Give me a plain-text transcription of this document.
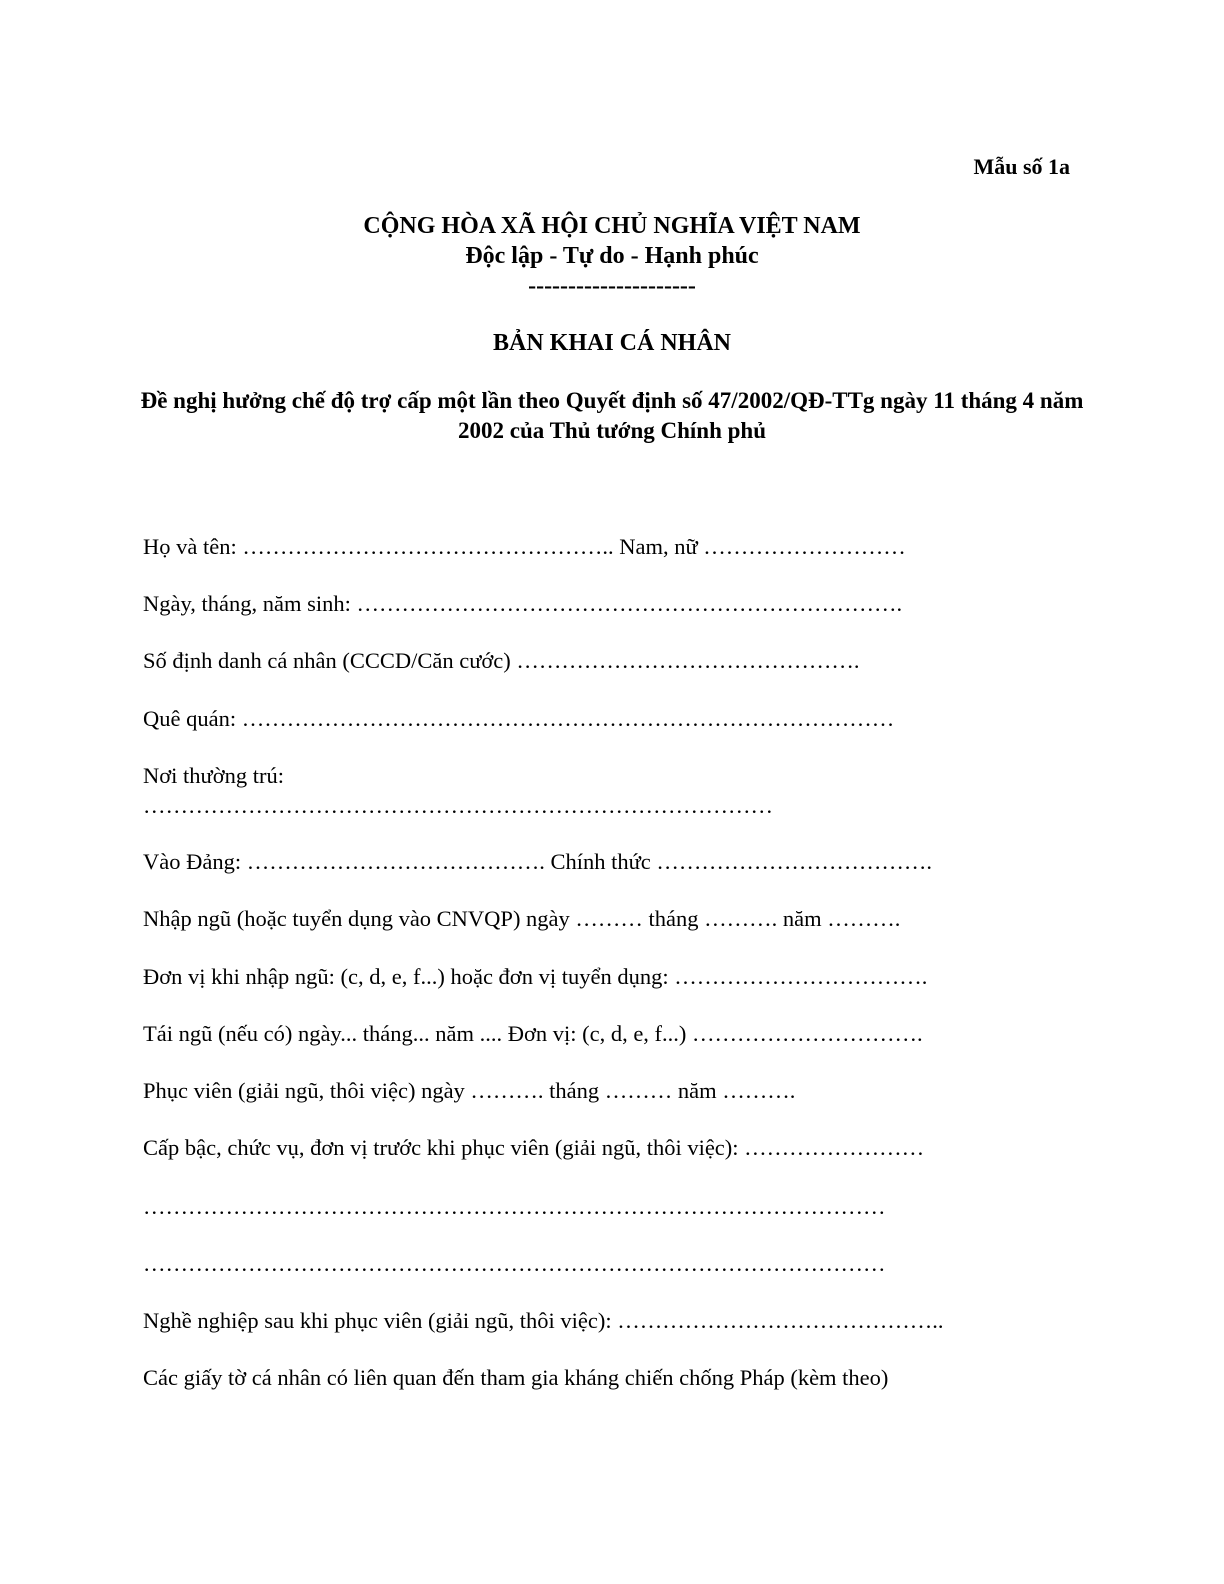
Mẫu số 1a
CỘNG HÒA XÃ HỘI CHỦ NGHĨA VIỆT NAM
Độc lập - Tự do - Hạnh phúc
---------------------
BẢN KHAI CÁ NHÂN
Đề nghị hưởng chế độ trợ cấp một lần theo Quyết định số 47/2002/QĐ-TTg ngày 11 tháng 4 năm 2002 của Thủ tướng Chính phủ
Họ và tên: ………………………………………….. Nam, nữ ………………………
Ngày, tháng, năm sinh: ……………………………………………………………….
Số định danh cá nhân (CCCD/Căn cước) ……………………………………….
Quê quán: ……………………………………………………………………………
Nơi thường trú:
…………………………………………………………………………
Vào Đảng: …………………………………. Chính thức ……………………………….
Nhập ngũ (hoặc tuyển dụng vào CNVQP) ngày ……… tháng ………. năm ……….
Đơn vị khi nhập ngũ: (c, d, e, f...) hoặc đơn vị tuyển dụng: …………………………….
Tái ngũ (nếu có) ngày... tháng... năm .... Đơn vị: (c, d, e, f...) ………………………….
Phục viên (giải ngũ, thôi việc) ngày ………. tháng ……… năm ……….
Cấp bậc, chức vụ, đơn vị trước khi phục viên (giải ngũ, thôi việc): ……………………
………………………………………………………………………………………
………………………………………………………………………………………
Nghề nghiệp sau khi phục viên (giải ngũ, thôi việc): ……………………………………..
Các giấy tờ cá nhân có liên quan đến tham gia kháng chiến chống Pháp (kèm theo)
